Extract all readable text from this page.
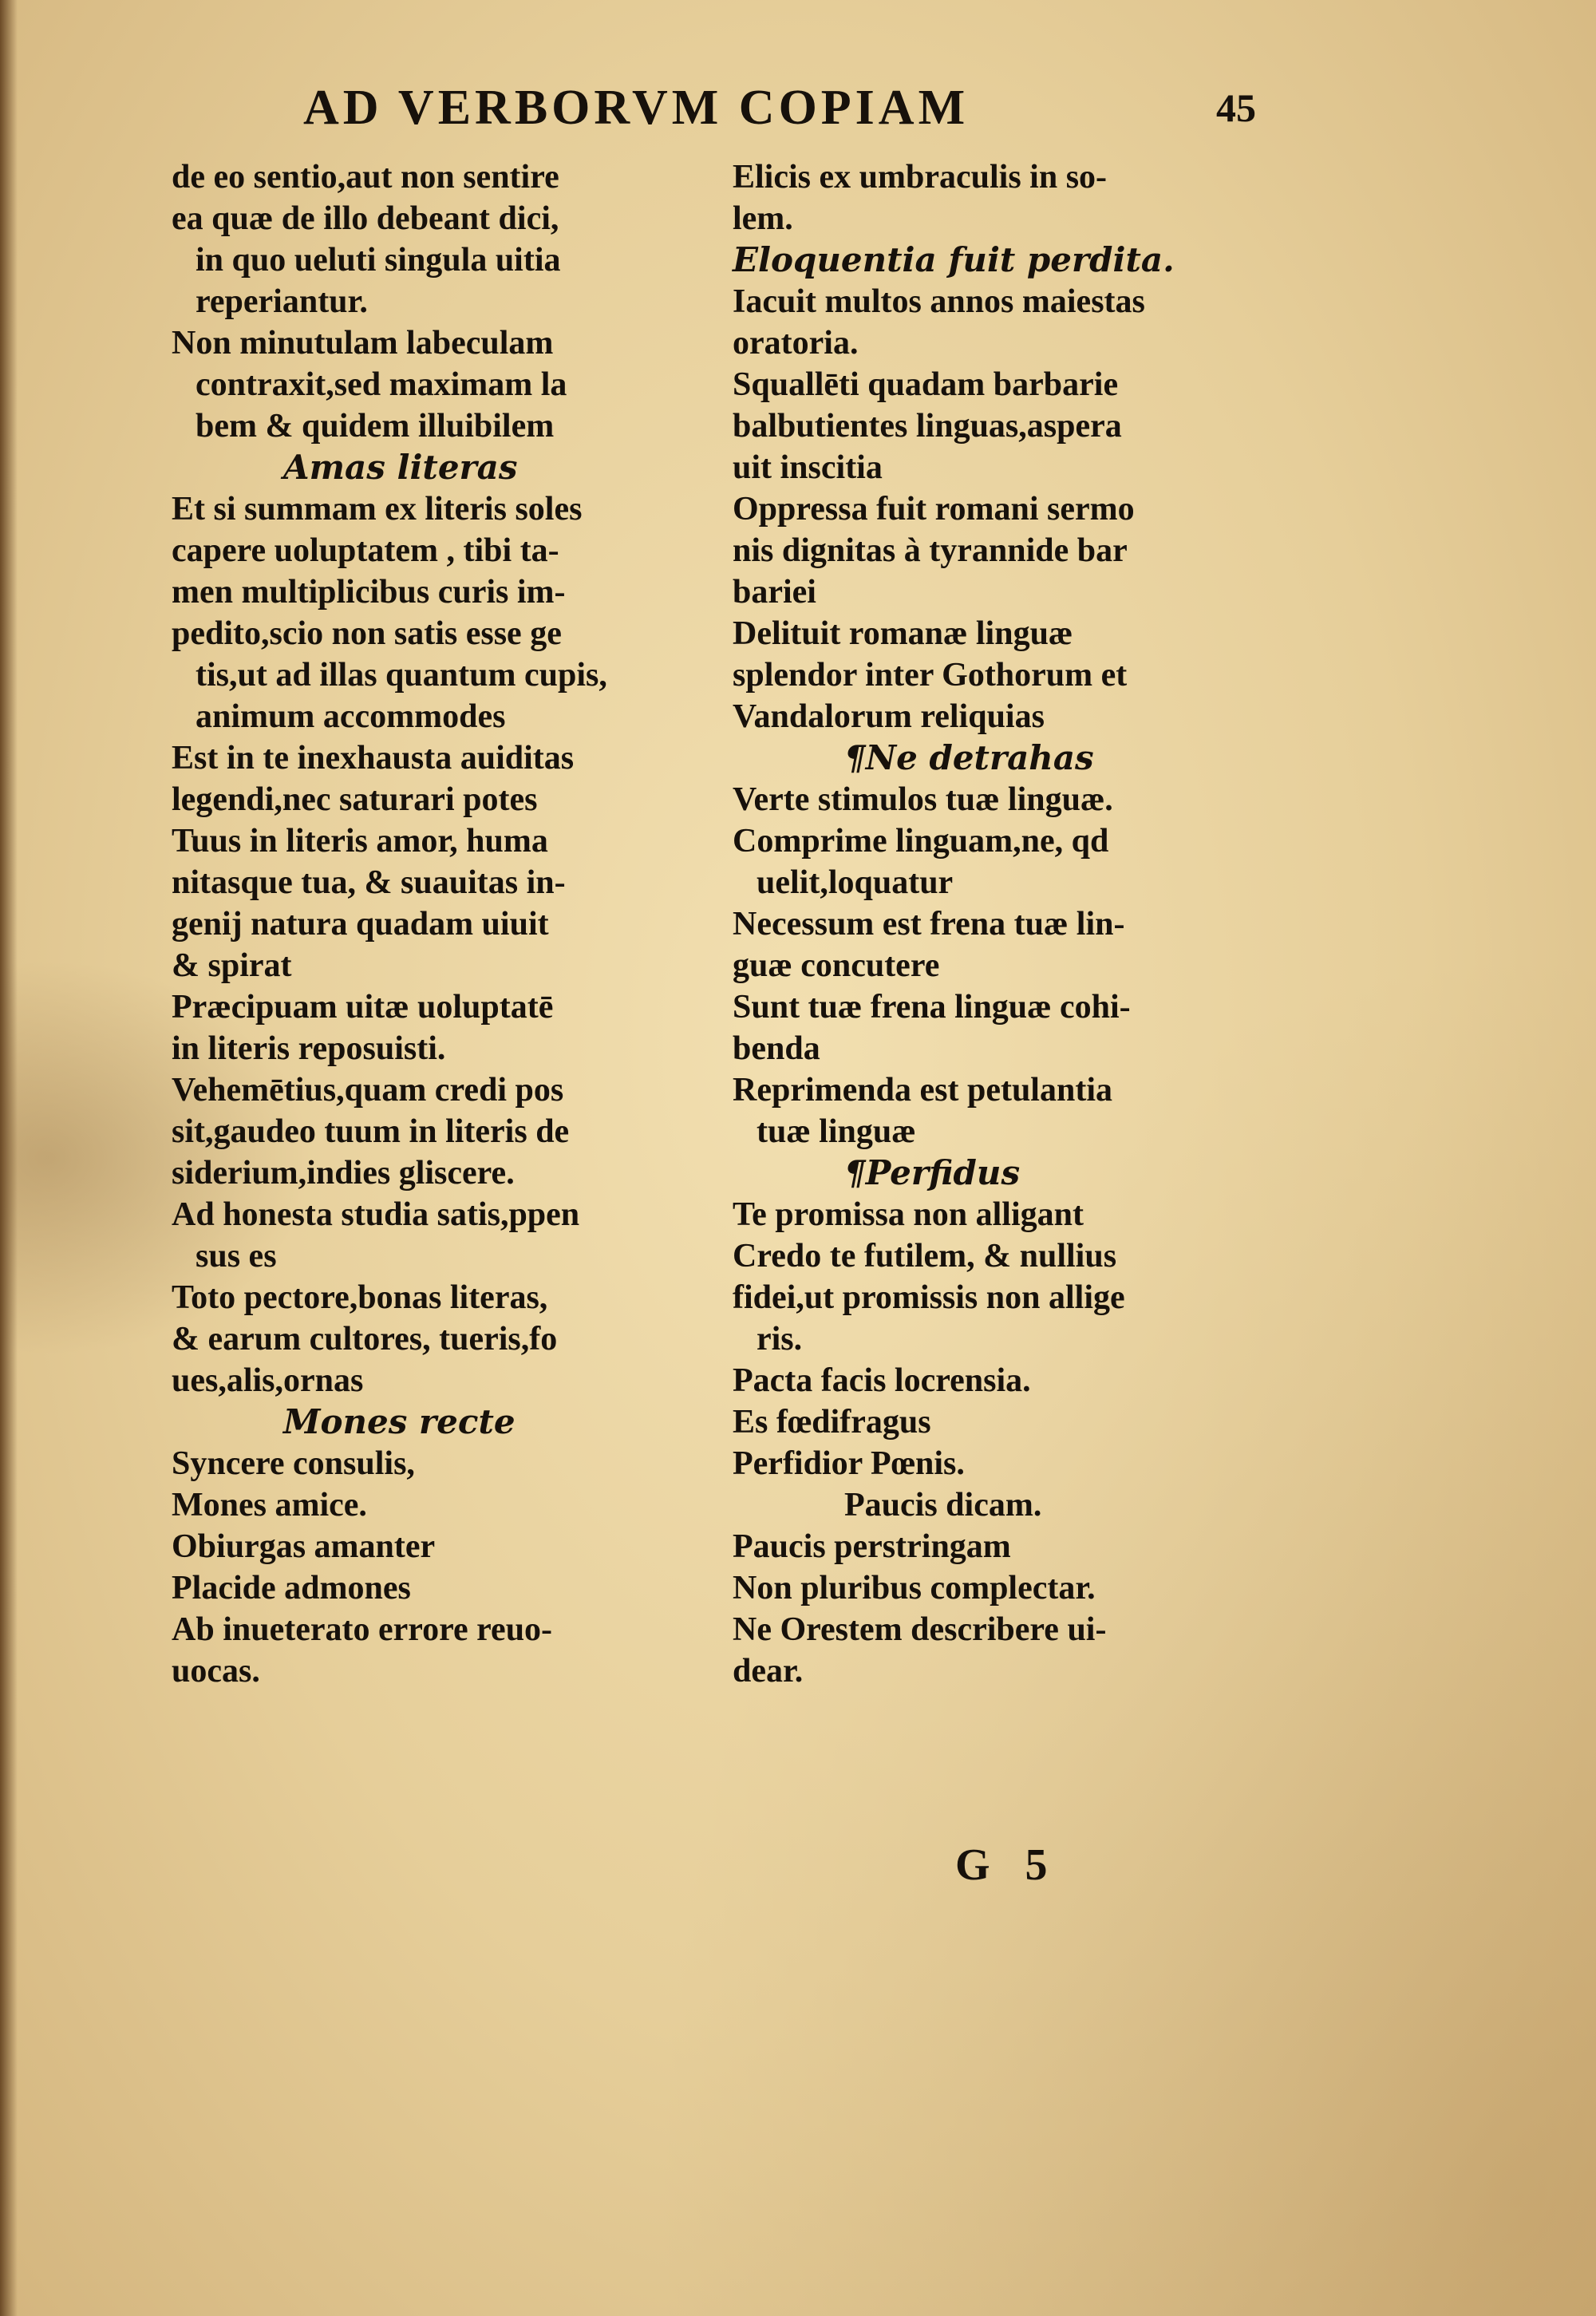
AD VERBORVM COPIAM	45
de eo sentio,aut non sentire
ea quæ de illo debeant dici,
in quo ueluti singula uitia
reperiantur.
Non minutulam labeculam
contraxit,sed maximam la
bem & quidem illuibilem
Amas literas
Et si summam ex literis soles
capere uoluptatem , tibi ta-
men multiplicibus curis im-
pedito,scio non satis esse ge
tis,ut ad illas quantum cupis,
animum accommodes
Est in te inexhausta auiditas
legendi,nec saturari potes
Tuus in literis amor, huma
nitasque tua, & suauitas in-
genij natura quadam uiuit
& spirat
Præcipuam uitæ uoluptatē
in literis reposuisti.
Vehemētius,quam credi pos
sit,gaudeo tuum in literis de
siderium,indies gliscere.
Ad honesta studia satis,ppen
sus es
Toto pectore,bonas literas,
& earum cultores, tueris,fo
ues,alis,ornas
Mones recte
Syncere consulis,
Mones amice.
Obiurgas amanter
Placide admones
Ab inueterato errore reuo-
uocas.
Elicis ex umbraculis in so-
lem.
Eloquentia fuit perdita.
Iacuit multos annos maiestas
oratoria.
Squallēti quadam barbarie
balbutientes linguas,aspera
uit inscitia
Oppressa fuit romani sermo
nis dignitas à tyrannide bar
bariei
Delituit romanæ linguæ
splendor inter Gothorum et
Vandalorum reliquias
¶Ne detrahas
Verte stimulos tuæ linguæ.
Comprime linguam,ne, qd
uelit,loquatur
Necessum est frena tuæ lin-
guæ concutere
Sunt tuæ frena linguæ cohi-
benda
Reprimenda est petulantia
tuæ linguæ
¶Perfidus
Te promissa non alligant
Credo te futilem, & nullius
fidei,ut promissis non allige
ris.
Pacta facis locrensia.
Es fœdifragus
Perfidior Pœnis.
Paucis dicam.
Paucis perstringam
Non pluribus complectar.
Ne Orestem describere ui-
dear.
G 5
